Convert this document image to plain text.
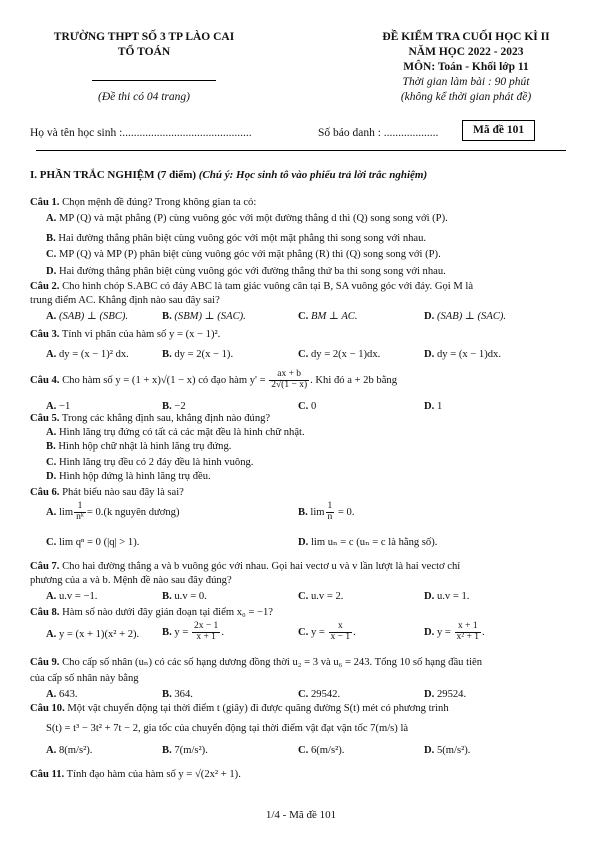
TRƯỜNG THPT SỐ 3 TP LÀO CAI
TỔ TOÁN
(Đề thi có 04 trang)
ĐỀ KIỂM TRA CUỐI HỌC KÌ II
NĂM HỌC 2022 - 2023
MÔN: Toán - Khối lớp 11
Thời gian làm bài : 90 phút
(không kể thời gian phát đề)
Họ và tên học sinh :.............................................	Số báo danh : ...................	Mã đề 101
I. PHẦN TRẮC NGHIỆM (7 điểm) (Chú ý: Học sinh tô vào phiếu trả lời trắc nghiệm)
Câu 1. Chọn mệnh đề đúng? Trong không gian ta có:
A. MP (Q) và mặt phẳng (P) cùng vuông góc với một đường thẳng d thì (Q) song song với (P).
B. Hai đường thẳng phân biệt cùng vuông góc với một mặt phẳng thì song song với nhau.
C. MP (Q) và MP (P) phân biệt cùng vuông góc với mặt phẳng (R) thì (Q) song song với (P).
D. Hai đường thẳng phân biệt cùng vuông góc với đường thẳng thứ ba thì song song với nhau.
Câu 2. Cho hình chóp S.ABC có đáy ABC là tam giác vuông cân tại B, SA vuông góc với đáy. Gọi M là
trung điểm AC. Khẳng định nào sau đây sai?
A. (SAB) ⊥ (SBC).	B. (SBM) ⊥ (SAC).	C. BM ⊥ AC.	D. (SAB) ⊥ (SAC).
Câu 3. Tính vi phân của hàm số y = (x − 1)².
A. dy = (x − 1)² dx.	B. dy = 2(x − 1).	C. dy = 2(x − 1)dx.	D. dy = (x − 1)dx.
Câu 4. Cho hàm số y = (1 + x)√(1 − x) có đạo hàm $y' = \frac{ax + b}{2√(1 - x)}$ . Khi đó a + 2b bằng
A. −1	B. −2	C. 0	D. 1
Câu 5. Trong các khẳng định sau, khẳng định nào đúng?
A. Hình lăng trụ đứng có tất cả các mặt đều là hình chữ nhật.
B. Hình hộp chữ nhật là hình lăng trụ đứng.
C. Hình lăng trụ đều có 2 đáy đều là hình vuông.
D. Hình hộp đứng là hình lăng trụ đều.
Câu 6. Phát biểu nào sau đây là sai?
A. $\lim \frac{1}{\text{nᵏ}} = 0.(k$ nguyên dương)	B. $\lim \frac{1}{n} = 0$.
C. lim qⁿ = 0 (|q| > 1).	D. lim uₙ = c (uₙ = c là hằng số).
Câu 7. Cho hai đường thẳng a và b vuông góc với nhau. Gọi hai vectơ u và v lần lượt là hai vectơ chỉ
phương của a và b. Mệnh đề nào sau đây đúng?
A. u.v = −1.	B. u.v = 0.	C. u.v = 2.	D. u.v = 1.
Câu 8. Hàm số nào dưới đây gián đoạn tại điểm x₀ = −1?
A. y = (x + 1)(x² + 2). B. $y = \frac{2x - 1}{x + 1}$ .	C. $y = \frac{x}{x - 1}$ .	D. $y = \frac{x + 1}{\text{x² + 1}}$ .
Câu 9. Cho cấp số nhân (uₙ) có các số hạng dương đồng thời u₂ = 3 và u₆ = 243. Tổng 10 số hạng đầu tiên
của cấp số nhân này bằng
A. 643.	B. 364.	C. 29542.	D. 29524.
Câu 10. Một vật chuyển động tại thời điểm t (giây) đi được quãng đường S(t) mét có phương trình
S(t) = t³ − 3t² + 7t − 2, gia tốc của chuyển động tại thời điểm vật đạt vận tốc 7(m/s) là
A. 8(m/s²).	B. 7(m/s²).	C. 6(m/s²).	D. 5(m/s²).
Câu 11. Tính đạo hàm của hàm số y = √(2x² + 1).
1/4 - Mã đề 101
